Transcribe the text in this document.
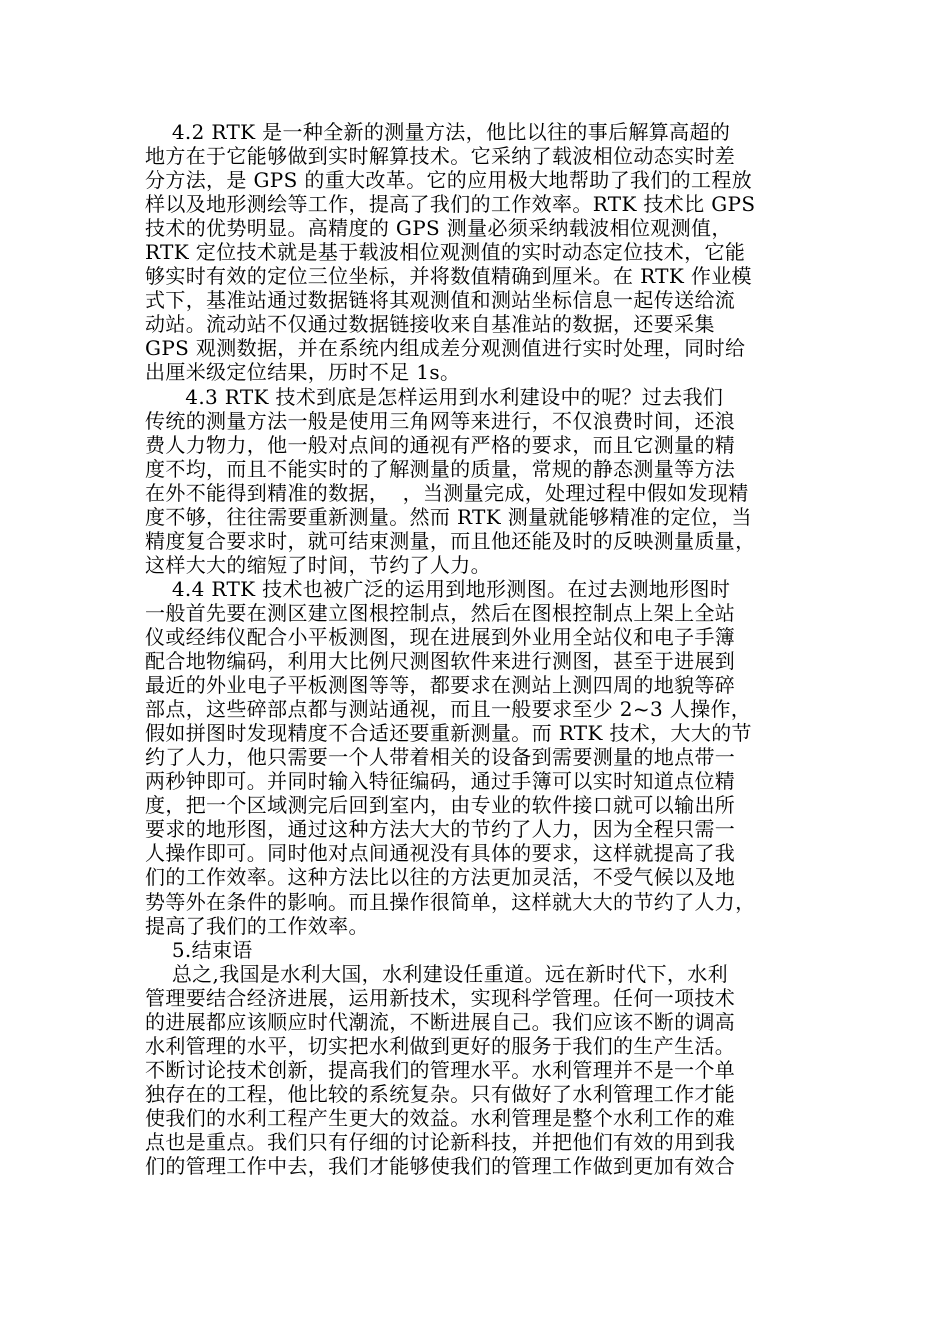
4.2 RTK 是一种全新的测量方法，他比以往的事后解算高超的
地方在于它能够做到实时解算技术。它采纳了载波相位动态实时差
分方法，是 GPS 的重大改革。它的应用极大地帮助了我们的工程放
样以及地形测绘等工作，提高了我们的工作效率。RTK 技术比 GPS
技术的优势明显。高精度的 GPS 测量必须采纳载波相位观测值，
RTK 定位技术就是基于载波相位观测值的实时动态定位技术，它能
够实时有效的定位三位坐标，并将数值精确到厘米。在 RTK 作业模
式下，基准站通过数据链将其观测值和测站坐标信息一起传送给流
动站。流动站不仅通过数据链接收来自基准站的数据，还要采集
GPS 观测数据，并在系统内组成差分观测值进行实时处理，同时给
出厘米级定位结果，历时不足 1s。
4.3 RTK 技术到底是怎样运用到水利建设中的呢？过去我们
传统的测量方法一般是使用三角网等来进行，不仅浪费时间，还浪
费人力物力，他一般对点间的通视有严格的要求，而且它测量的精
度不均，而且不能实时的了解测量的质量，常规的静态测量等方法
在外不能得到精准的数据，  ，当测量完成，处理过程中假如发现精
度不够，往往需要重新测量。然而 RTK 测量就能够精准的定位，当
精度复合要求时，就可结束测量，而且他还能及时的反映测量质量，
这样大大的缩短了时间，节约了人力。
4.4 RTK 技术也被广泛的运用到地形测图。在过去测地形图时
一般首先要在测区建立图根控制点，然后在图根控制点上架上全站
仪或经纬仪配合小平板测图，现在进展到外业用全站仪和电子手簿
配合地物编码，利用大比例尺测图软件来进行测图，甚至于进展到
最近的外业电子平板测图等等，都要求在测站上测四周的地貌等碎
部点，这些碎部点都与测站通视，而且一般要求至少 2~3 人操作，
假如拼图时发现精度不合适还要重新测量。而 RTK 技术，大大的节
约了人力，他只需要一个人带着相关的设备到需要测量的地点带一
两秒钟即可。并同时输入特征编码，通过手簿可以实时知道点位精
度，把一个区域测完后回到室内，由专业的软件接口就可以输出所
要求的地形图，通过这种方法大大的节约了人力，因为全程只需一
人操作即可。同时他对点间通视没有具体的要求，这样就提高了我
们的工作效率。这种方法比以往的方法更加灵活，不受气候以及地
势等外在条件的影响。而且操作很简单，这样就大大的节约了人力，
提高了我们的工作效率。
5.结束语
总之,我国是水利大国，水利建设任重道。远在新时代下，水利
管理要结合经济进展，运用新技术，实现科学管理。任何一项技术
的进展都应该顺应时代潮流，不断进展自己。我们应该不断的调高
水利管理的水平，切实把水利做到更好的服务于我们的生产生活。
不断讨论技术创新，提高我们的管理水平。水利管理并不是一个单
独存在的工程，他比较的系统复杂。只有做好了水利管理工作才能
使我们的水利工程产生更大的效益。水利管理是整个水利工作的难
点也是重点。我们只有仔细的讨论新科技，并把他们有效的用到我
们的管理工作中去，我们才能够使我们的管理工作做到更加有效合
